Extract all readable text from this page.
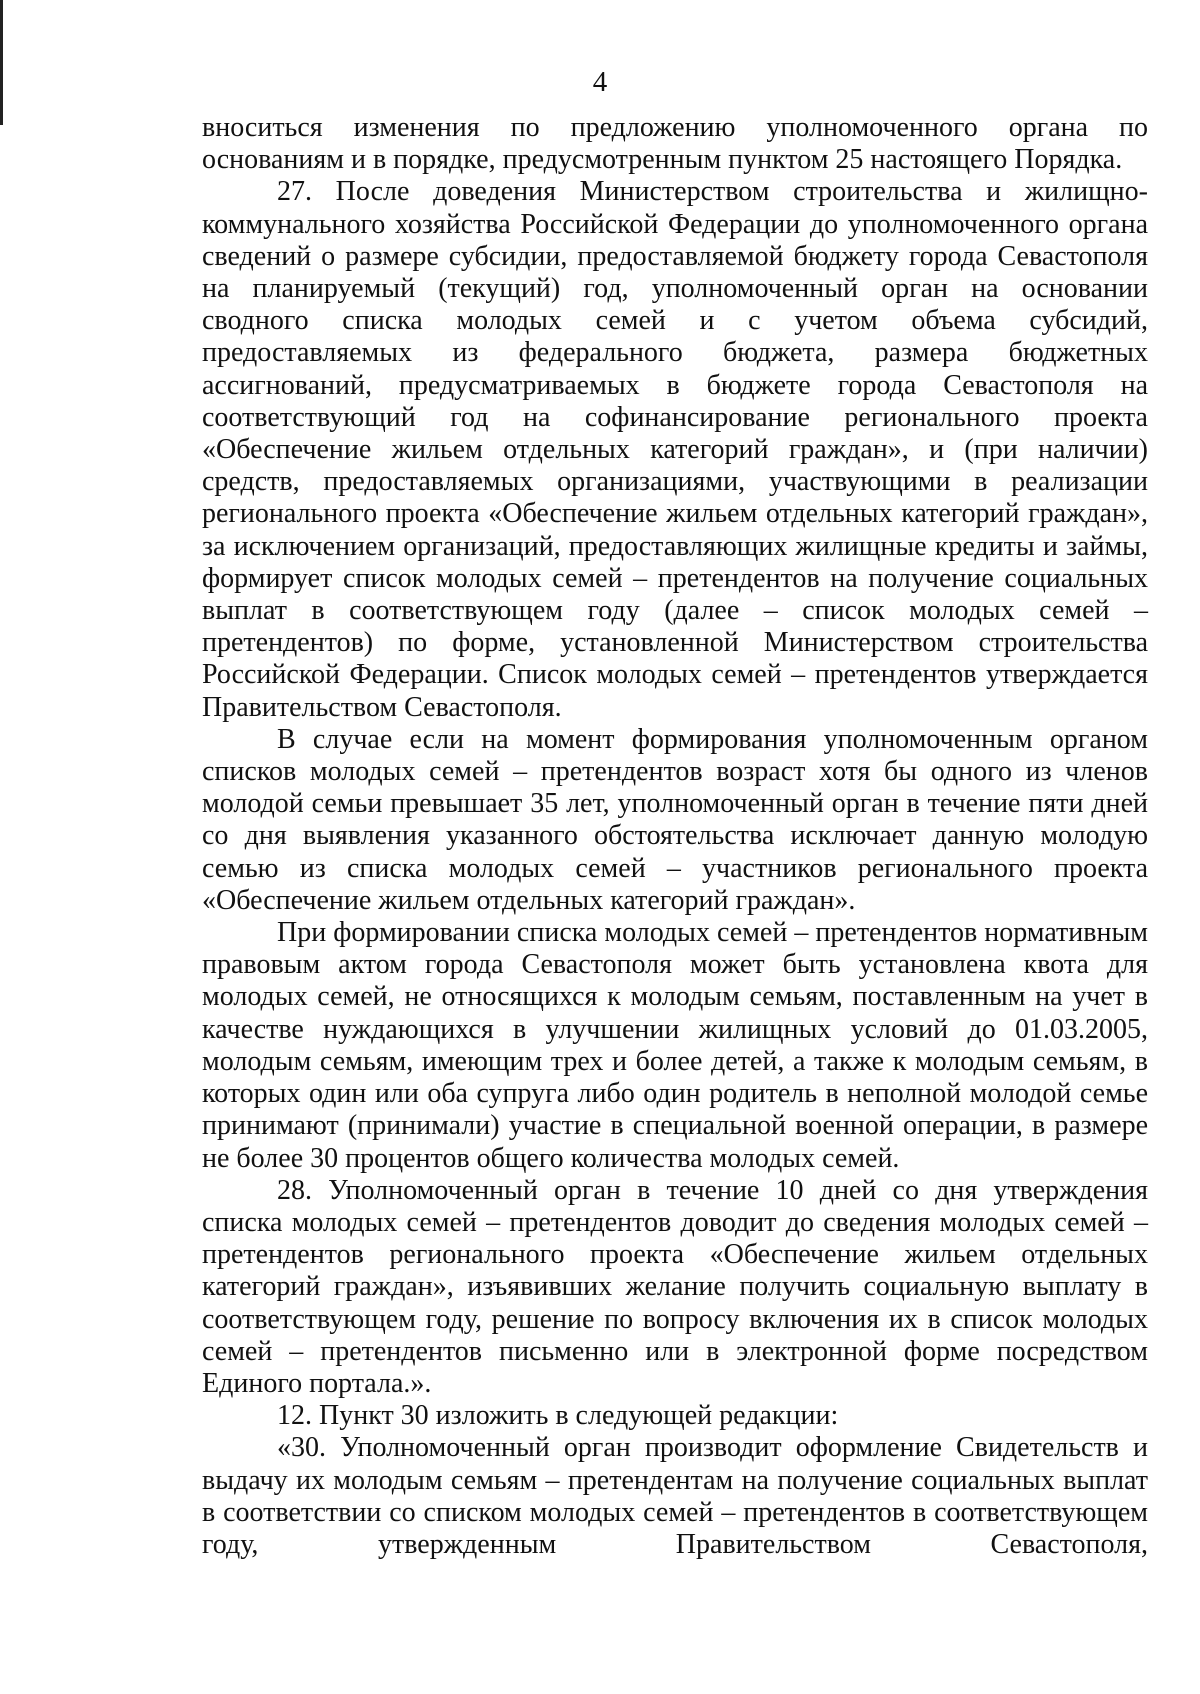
4

вноситься изменения по предложению уполномоченного органа по основаниям и в порядке, предусмотренным пунктом 25 настоящего Порядка.

27. После доведения Министерством строительства и жилищно-коммунального хозяйства Российской Федерации до уполномоченного органа сведений о размере субсидии, предоставляемой бюджету города Севастополя на планируемый (текущий) год, уполномоченный орган на основании сводного списка молодых семей и с учетом объема субсидий, предоставляемых из федерального бюджета, размера бюджетных ассигнований, предусматриваемых в бюджете города Севастополя на соответствующий год на софинансирование регионального проекта «Обеспечение жильем отдельных категорий граждан», и (при наличии) средств, предоставляемых организациями, участвующими в реализации регионального проекта «Обеспечение жильем отдельных категорий граждан», за исключением организаций, предоставляющих жилищные кредиты и займы, формирует список молодых семей – претендентов на получение социальных выплат в соответствующем году (далее – список молодых семей – претендентов) по форме, установленной Министерством строительства Российской Федерации. Список молодых семей – претендентов утверждается Правительством Севастополя.

В случае если на момент формирования уполномоченным органом списков молодых семей – претендентов возраст хотя бы одного из членов молодой семьи превышает 35 лет, уполномоченный орган в течение пяти дней со дня выявления указанного обстоятельства исключает данную молодую семью из списка молодых семей – участников регионального проекта «Обеспечение жильем отдельных категорий граждан».

При формировании списка молодых семей – претендентов нормативным правовым актом города Севастополя может быть установлена квота для молодых семей, не относящихся к молодым семьям, поставленным на учет в качестве нуждающихся в улучшении жилищных условий до 01.03.2005, молодым семьям, имеющим трех и более детей, а также к молодым семьям, в которых один или оба супруга либо один родитель в неполной молодой семье принимают (принимали) участие в специальной военной операции, в размере не более 30 процентов общего количества молодых семей.

28. Уполномоченный орган в течение 10 дней со дня утверждения списка молодых семей – претендентов доводит до сведения молодых семей – претендентов регионального проекта «Обеспечение жильем отдельных категорий граждан», изъявивших желание получить социальную выплату в соответствующем году, решение по вопросу включения их в список молодых семей – претендентов письменно или в электронной форме посредством Единого портала.».

12. Пункт 30 изложить в следующей редакции:

«30. Уполномоченный орган производит оформление Свидетельств и выдачу их молодым семьям – претендентам на получение социальных выплат в соответствии со списком молодых семей – претендентов в соответствующем году, утвержденным Правительством Севастополя,
